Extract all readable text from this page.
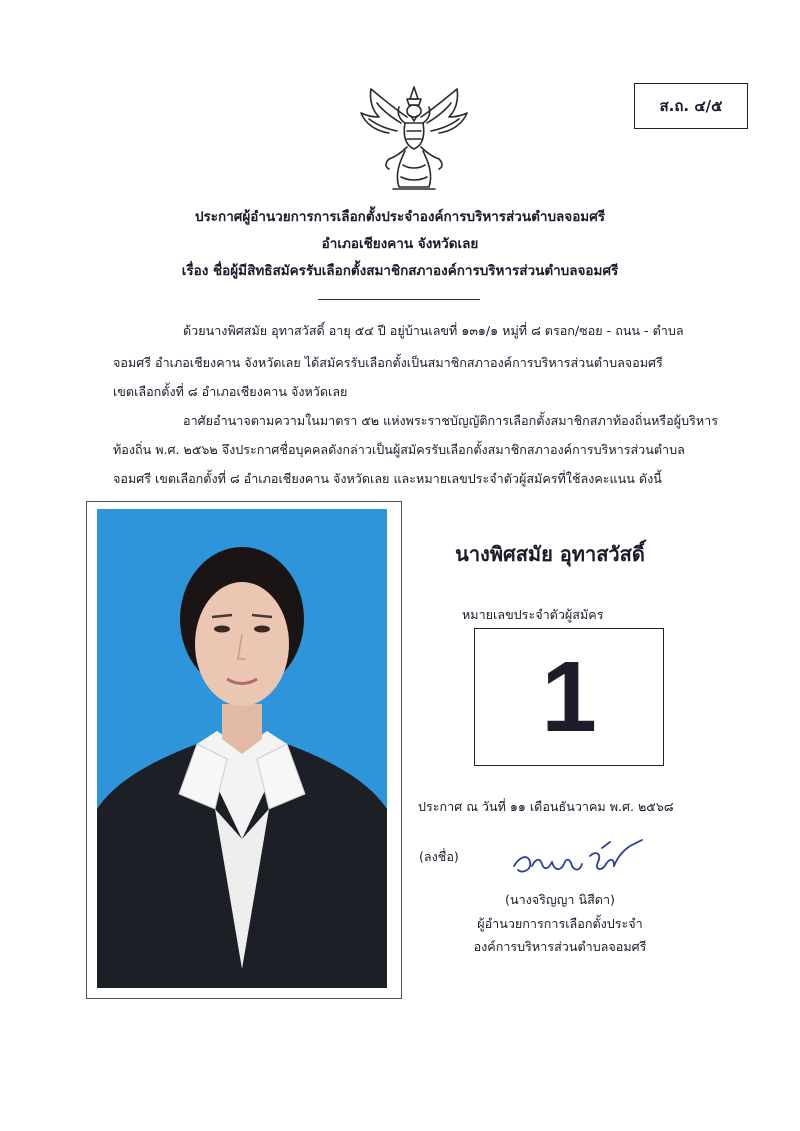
ส.ถ. ๔/๕
ประกาศผู้อำนวยการการเลือกตั้งประจำองค์การบริหารส่วนตำบลจอมศรี
อำเภอเชียงคาน จังหวัดเลย
เรื่อง ชื่อผู้มีสิทธิสมัครรับเลือกตั้งสมาชิกสภาองค์การบริหารส่วนตำบลจอมศรี
ด้วยนางพิศสมัย อุทาสวัสดิ์ อายุ ๕๔ ปี อยู่บ้านเลขที่ ๑๓๑/๑ หมู่ที่ ๘ ตรอก/ซอย - ถนน - ตำบล
จอมศรี อำเภอเชียงคาน จังหวัดเลย ได้สมัครรับเลือกตั้งเป็นสมาชิกสภาองค์การบริหารส่วนตำบลจอมศรี
เขตเลือกตั้งที่ ๘ อำเภอเชียงคาน จังหวัดเลย
อาศัยอำนาจตามความในมาตรา ๕๒ แห่งพระราชบัญญัติการเลือกตั้งสมาชิกสภาท้องถิ่นหรือผู้บริหาร
ท้องถิ่น พ.ศ. ๒๕๖๒ จึงประกาศชื่อบุคคลดังกล่าวเป็นผู้สมัครรับเลือกตั้งสมาชิกสภาองค์การบริหารส่วนตำบล
จอมศรี เขตเลือกตั้งที่ ๘ อำเภอเชียงคาน จังหวัดเลย และหมายเลขประจำตัวผู้สมัครที่ใช้ลงคะแนน ดังนี้
นางพิศสมัย อุทาสวัสดิ์
หมายเลขประจำตัวผู้สมัคร
1
ประกาศ ณ วันที่ ๑๑ เดือนธันวาคม พ.ศ. ๒๕๖๘
(ลงชื่อ)
(นางจริญญา นิสีดา)
ผู้อำนวยการการเลือกตั้งประจำ
องค์การบริหารส่วนตำบลจอมศรี
